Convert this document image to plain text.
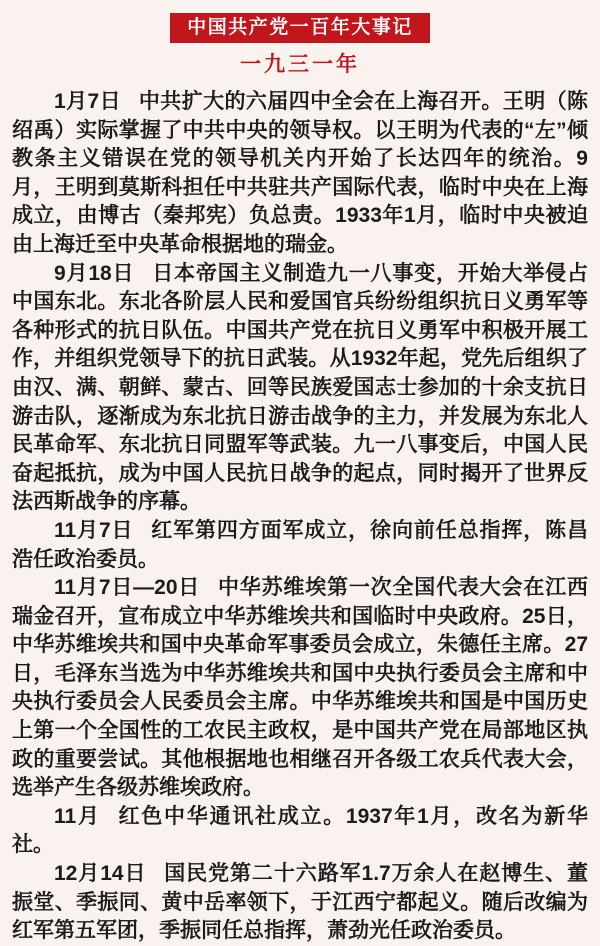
中国共产党一百年大事记
一九三一年

1月7日 中共扩大的六届四中全会在上海召开。王明（陈绍禹）实际掌握了中共中央的领导权。以王明为代表的“左”倾教条主义错误在党的领导机关内开始了长达四年的统治。9月，王明到莫斯科担任中共驻共产国际代表，临时中央在上海成立，由博古（秦邦宪）负总责。1933年1月，临时中央被迫由上海迁至中央革命根据地的瑞金。

9月18日 日本帝国主义制造九一八事变，开始大举侵占中国东北。东北各阶层人民和爱国官兵纷纷组织抗日义勇军等各种形式的抗日队伍。中国共产党在抗日义勇军中积极开展工作，并组织党领导下的抗日武装。从1932年起，党先后组织了由汉、满、朝鲜、蒙古、回等民族爱国志士参加的十余支抗日游击队，逐渐成为东北抗日游击战争的主力，并发展为东北人民革命军、东北抗日同盟军等武装。九一八事变后，中国人民奋起抵抗，成为中国人民抗日战争的起点，同时揭开了世界反法西斯战争的序幕。

11月7日 红军第四方面军成立，徐向前任总指挥，陈昌浩任政治委员。

11月7日—20日 中华苏维埃第一次全国代表大会在江西瑞金召开，宣布成立中华苏维埃共和国临时中央政府。25日，中华苏维埃共和国中央革命军事委员会成立，朱德任主席。27日，毛泽东当选为中华苏维埃共和国中央执行委员会主席和中央执行委员会人民委员会主席。中华苏维埃共和国是中国历史上第一个全国性的工农民主政权，是中国共产党在局部地区执政的重要尝试。其他根据地也相继召开各级工农兵代表大会，选举产生各级苏维埃政府。

11月 红色中华通讯社成立。1937年1月，改名为新华社。

12月14日 国民党第二十六路军1.7万余人在赵博生、董振堂、季振同、黄中岳率领下，于江西宁都起义。随后改编为红军第五军团，季振同任总指挥，萧劲光任政治委员。
